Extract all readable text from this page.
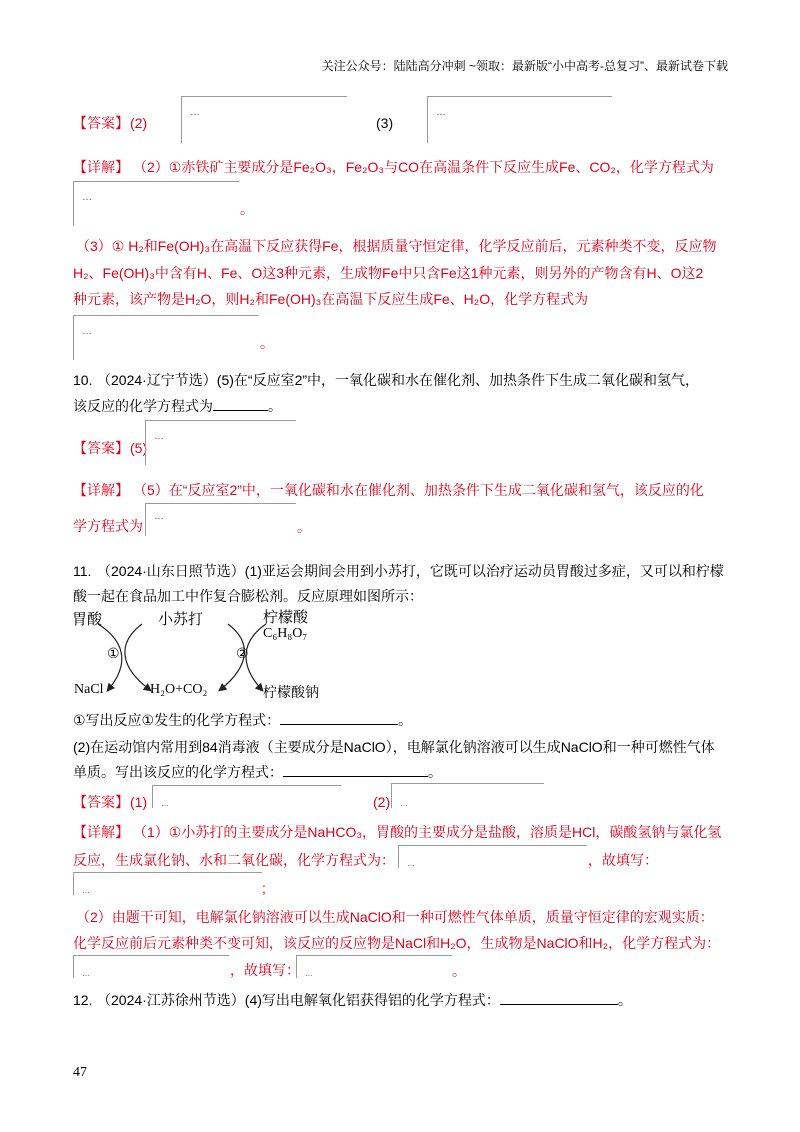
关注公众号：陆陆高分冲刺 ~领取：最新版“小中高考-总复习”、最新试卷下载
【答案】 (2)
…
(3)
…
【详解】 （2）①赤铁矿主要成分是Fe₂O₃，Fe₂O₃与CO在高温条件下反应生成Fe、CO₂，化学方程式为
…
。
（3）① H₂和Fe(OH)₃在高温下反应获得Fe，根据质量守恒定律，化学反应前后，元素种类不变，反应物
H₂、Fe(OH)₃中含有H、Fe、O这3种元素，生成物Fe中只含Fe这1种元素，则另外的产物含有H、O这2
种元素，该产物是H₂O，则H₂和Fe(OH)₃在高温下反应生成Fe、H₂O，化学方程式为
…
。
10. （2024·辽宁节选）(5)在“反应室2”中，一氧化碳和水在催化剂、加热条件下生成二氧化碳和氢气，
该反应的化学方程式为	。
【答案】 (5)
…
【详解】 （5）在“反应室2”中，一氧化碳和水在催化剂、加热条件下生成二氧化碳和氢气，该反应的化
学方程式为
…
。
11. （2024·山东日照节选）(1)亚运会期间会用到小苏打，它既可以治疗运动员胃酸过多症，又可以和柠檬
酸一起在食品加工中作复合膨松剂。反应原理如图所示：
胃酸	小苏打	柠檬酸
C₆H₈O₇
①	②
NaCl	H₂O+CO₂	柠檬酸钠
①写出反应①发生的化学方程式：	。
(2)在运动馆内常用到84消毒液（主要成分是NaClO），电解氯化钠溶液可以生成NaClO和一种可燃性气体
单质。写出该反应的化学方程式：	。
【答案】 (1) …	(2) …
【详解】 （1）①小苏打的主要成分是NaHCO₃，胃酸的主要成分是盐酸，溶质是HCl，碳酸氢钠与氯化氢
反应，生成氯化钠、水和二氧化碳，化学方程式为： …	，故填写：
…	;
（2）由题干可知，电解氯化钠溶液可以生成NaClO和一种可燃性气体单质，质量守恒定律的宏观实质：
化学反应前后元素种类不变可知，该反应的反应物是NaCl和H₂O，生成物是NaClO和H₂，化学方程式为：
…	，故填写： …	。
12. （2024·江苏徐州节选）(4)写出电解氧化铝获得铝的化学方程式：	。
47
